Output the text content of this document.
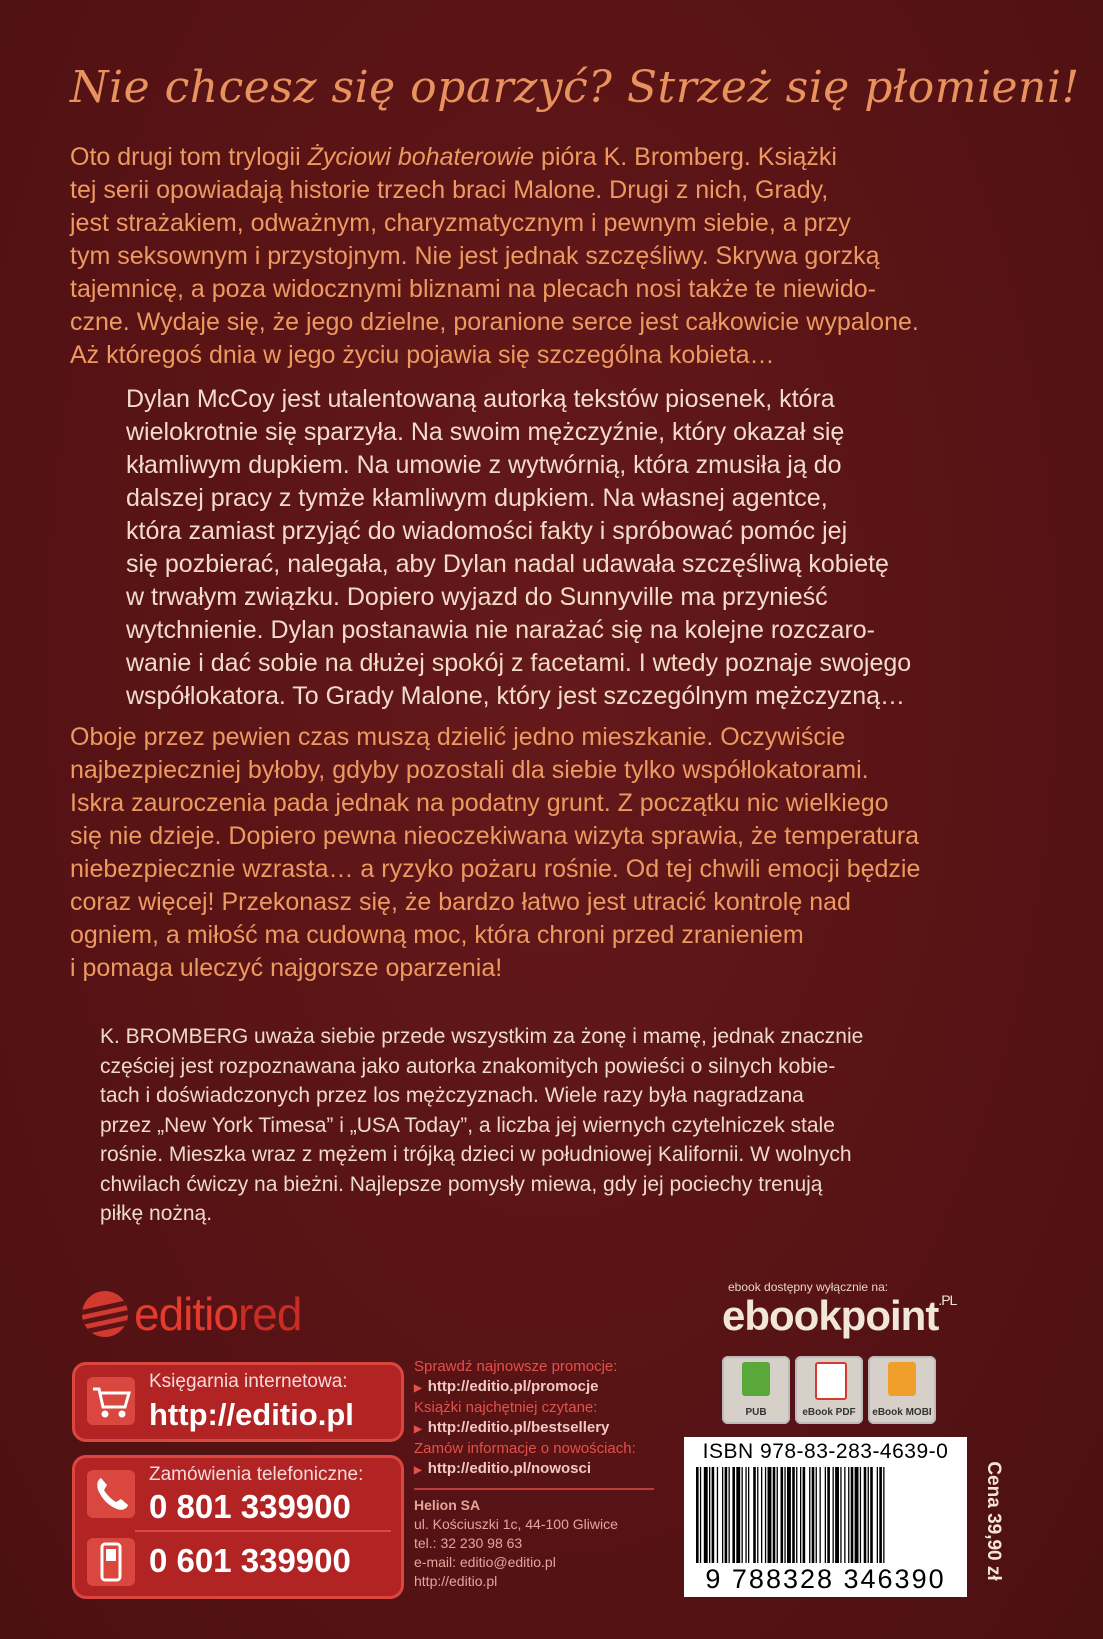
Nie chcesz się oparzyć? Strzeż się płomieni!
Oto drugi tom trylogii Życiowi bohaterowie pióra K. Bromberg. Książki
tej serii opowiadają historie trzech braci Malone. Drugi z nich, Grady,
jest strażakiem, odważnym, charyzmatycznym i pewnym siebie, a przy
tym seksownym i przystojnym. Nie jest jednak szczęśliwy. Skrywa gorzką
tajemnicę, a poza widocznymi bliznami na plecach nosi także te niewido-
czne. Wydaje się, że jego dzielne, poranione serce jest całkowicie wypalone.
Aż któregoś dnia w jego życiu pojawia się szczególna kobieta…
Dylan McCoy jest utalentowaną autorką tekstów piosenek, która
wielokrotnie się sparzyła. Na swoim mężczyźnie, który okazał się
kłamliwym dupkiem. Na umowie z wytwórnią, która zmusiła ją do
dalszej pracy z tymże kłamliwym dupkiem. Na własnej agentce,
która zamiast przyjąć do wiadomości fakty i spróbować pomóc jej
się pozbierać, nalegała, aby Dylan nadal udawała szczęśliwą kobietę
w trwałym związku. Dopiero wyjazd do Sunnyville ma przynieść
wytchnienie. Dylan postanawia nie narażać się na kolejne rozczaro-
wanie i dać sobie na dłużej spokój z facetami. I wtedy poznaje swojego
współlokatora. To Grady Malone, który jest szczególnym mężczyzną…
Oboje przez pewien czas muszą dzielić jedno mieszkanie. Oczywiście
najbezpieczniej byłoby, gdyby pozostali dla siebie tylko współlokatorami.
Iskra zauroczenia pada jednak na podatny grunt. Z początku nic wielkiego
się nie dzieje. Dopiero pewna nieoczekiwana wizyta sprawia, że temperatura
niebezpiecznie wzrasta… a ryzyko pożaru rośnie. Od tej chwili emocji będzie
coraz więcej! Przekonasz się, że bardzo łatwo jest utracić kontrolę nad
ogniem, a miłość ma cudowną moc, która chroni przed zranieniem
i pomaga uleczyć najgorsze oparzenia!
K. BROMBERG uważa siebie przede wszystkim za żonę i mamę, jednak znacznie
częściej jest rozpoznawana jako autorka znakomitych powieści o silnych kobie-
tach i doświadczonych przez los mężczyznach. Wiele razy była nagradzana
przez „New York Timesa” i „USA Today”, a liczba jej wiernych czytelniczek stale
rośnie. Mieszka wraz z mężem i trójką dzieci w południowej Kalifornii. W wolnych
chwilach ćwiczy na bieżni. Najlepsze pomysły miewa, gdy jej pociechy trenują
piłkę nożną.
editiored
ebook dostępny wyłącznie na:
ebookpoint$^{.PL}$
PUB	eBook PDF	eBook MOBI
Księgarnia internetowa:
http://editio.pl
Zamówienia telefoniczne:
0 801 339900
0 601 339900
Sprawdź najnowsze promocje:
▶ http://editio.pl/promocje
Książki najchętniej czytane:
▶ http://editio.pl/bestsellery
Zamów informacje o nowościach:
▶ http://editio.pl/nowosci
Helion SA
ul. Kościuszki 1c, 44-100 Gliwice
tel.: 32 230 98 63
e-mail: editio@editio.pl
http://editio.pl
ISBN 978-83-283-4639-0
9 788328 346390	Cena 39,90 zł
